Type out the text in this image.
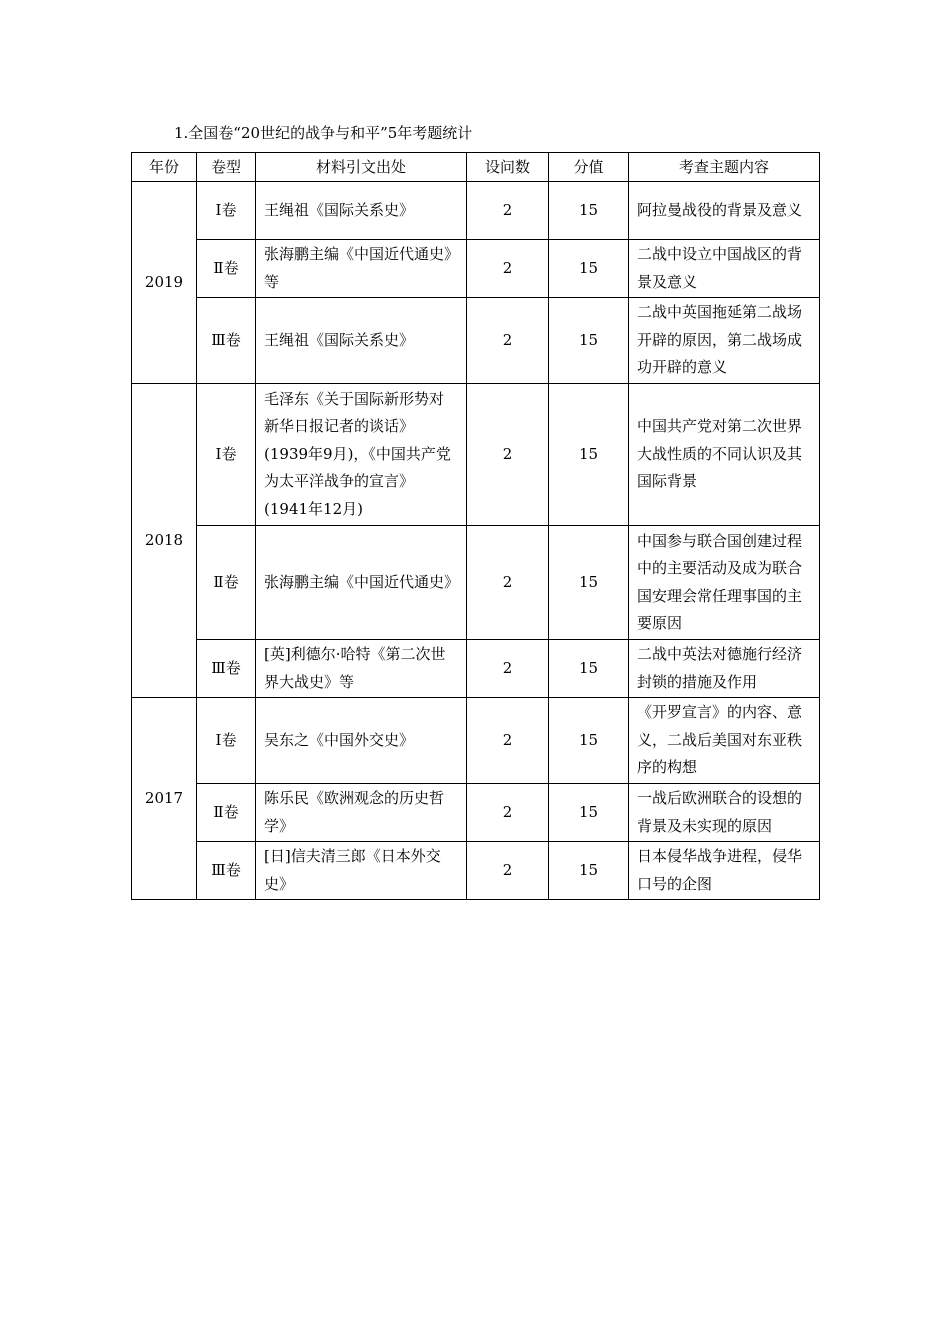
1.全国卷“20世纪的战争与和平”5年考题统计
年份	卷型	材料引文出处	设问数	分值	考查主题内容
2019	Ⅰ卷	王绳祖《国际关系史》	2	15	阿拉曼战役的背景及意义
	Ⅱ卷	张海鹏主编《中国近代通史》等	2	15	二战中设立中国战区的背景及意义
	Ⅲ卷	王绳祖《国际关系史》	2	15	二战中英国拖延第二战场开辟的原因，第二战场成功开辟的意义
2018	Ⅰ卷	毛泽东《关于国际新形势对新华日报记者的谈话》(1939年9月)，《中国共产党为太平洋战争的宣言》(1941年12月)	2	15	中国共产党对第二次世界大战性质的不同认识及其国际背景
	Ⅱ卷	张海鹏主编《中国近代通史》	2	15	中国参与联合国创建过程中的主要活动及成为联合国安理会常任理事国的主要原因
	Ⅲ卷	[英]利德尔·哈特《第二次世界大战史》等	2	15	二战中英法对德施行经济封锁的措施及作用
2017	Ⅰ卷	吴东之《中国外交史》	2	15	《开罗宣言》的内容、意义，二战后美国对东亚秩序的构想
	Ⅱ卷	陈乐民《欧洲观念的历史哲学》	2	15	一战后欧洲联合的设想的背景及未实现的原因
	Ⅲ卷	[日]信夫清三郎《日本外交史》	2	15	日本侵华战争进程，侵华口号的企图
